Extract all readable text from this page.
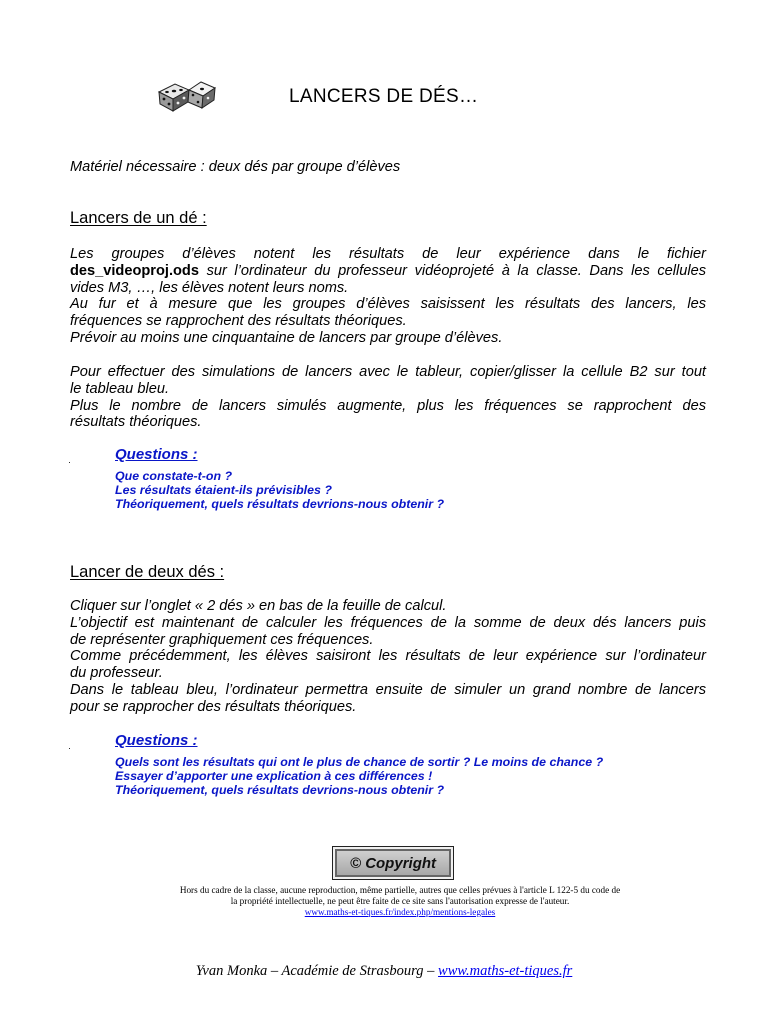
LANCERS DE DÉS…
Matériel nécessaire : deux dés par groupe d’élèves
Lancers de un dé :
Les groupes d’élèves notent les résultats de leur expérience dans le fichier
des_videoproj.ods sur l’ordinateur du professeur vidéoprojeté à la classe. Dans les cellules
vides M3, …, les élèves notent leurs noms.
Au fur et à mesure que les groupes d’élèves saisissent les résultats des lancers, les
fréquences se rapprochent des résultats théoriques.
Prévoir au moins une cinquantaine de lancers par groupe d’élèves.
Pour effectuer des simulations de lancers avec le tableur, copier/glisser la cellule B2 sur tout
le tableau bleu.
Plus le nombre de lancers simulés augmente, plus les fréquences se rapprochent des
résultats théoriques.
·	Questions :
Que constate-t-on ?
Les résultats étaient-ils prévisibles ?
Théoriquement, quels résultats devrions-nous obtenir ?
Lancer de deux dés :
Cliquer sur l’onglet « 2 dés » en bas de la feuille de calcul.
L’objectif est maintenant de calculer les fréquences de la somme de deux dés lancers puis
de représenter graphiquement ces fréquences.
Comme précédemment, les élèves saisiront les résultats de leur expérience sur l’ordinateur
du professeur.
Dans le tableau bleu, l’ordinateur permettra ensuite de simuler un grand nombre de lancers
pour se rapprocher des résultats théoriques.
·	Questions :
Quels sont les résultats qui ont le plus de chance de sortir ? Le moins de chance ?
Essayer d’apporter une explication à ces différences !
Théoriquement, quels résultats devrions-nous obtenir ?
© Copyright
Hors du cadre de la classe, aucune reproduction, même partielle, autres que celles prévues à l'article L 122-5 du code de
la propriété intellectuelle, ne peut être faite de ce site sans l'autorisation expresse de l'auteur.
www.maths-et-tiques.fr/index.php/mentions-legales
Yvan Monka – Académie de Strasbourg – www.maths-et-tiques.fr
